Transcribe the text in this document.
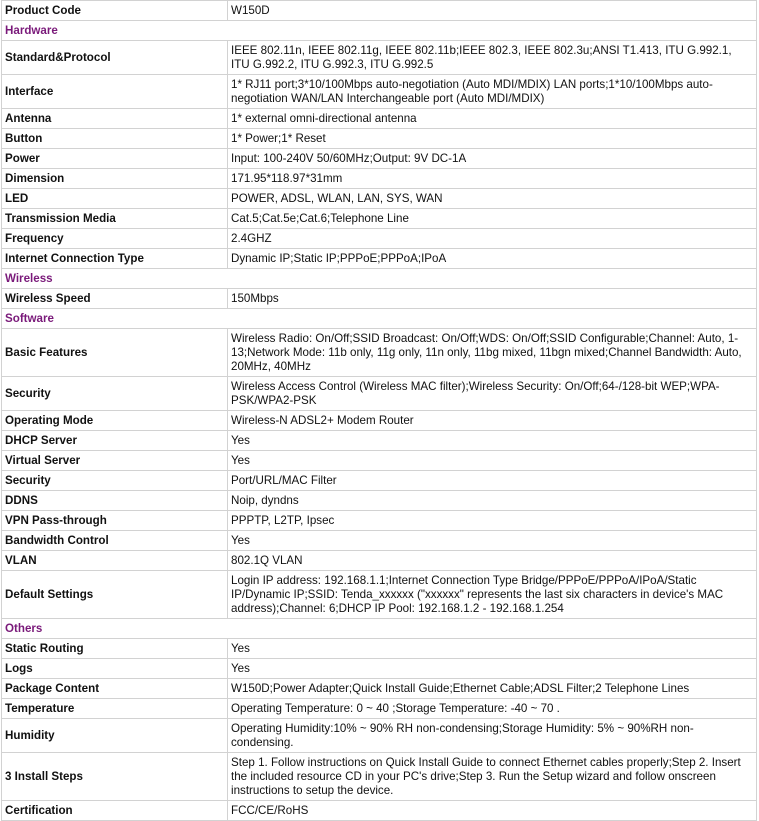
Product Code	W150D
Hardware	
Standard&Protocol	IEEE 802.11n, IEEE 802.11g, IEEE 802.11b;IEEE 802.3, IEEE 802.3u;ANSI T1.413, ITU G.992.1, ITU G.992.2, ITU G.992.3, ITU G.992.5
Interface	1* RJ11 port;3*10/100Mbps auto-negotiation (Auto MDI/MDIX) LAN ports;1*10/100Mbps auto-negotiation WAN/LAN Interchangeable port (Auto MDI/MDIX)
Antenna	1* external omni-directional antenna
Button	1* Power;1* Reset
Power	Input: 100-240V 50/60MHz;Output: 9V DC-1A
Dimension	171.95*118.97*31mm
LED	POWER, ADSL, WLAN, LAN, SYS, WAN
Transmission Media	Cat.5;Cat.5e;Cat.6;Telephone Line
Frequency	2.4GHZ
Internet Connection Type	Dynamic IP;Static IP;PPPoE;PPPoA;IPoA
Wireless	
Wireless Speed	150Mbps
Software	
Basic Features	Wireless Radio: On/Off;SSID Broadcast: On/Off;WDS: On/Off;SSID Configurable;Channel: Auto, 1-13;Network Mode: 11b only, 11g only, 11n only, 11bg mixed, 11bgn mixed;Channel Bandwidth: Auto, 20MHz, 40MHz
Security	Wireless Access Control (Wireless MAC filter);Wireless Security: On/Off;64-/128-bit WEP;WPA-PSK/WPA2-PSK
Operating Mode	Wireless-N ADSL2+ Modem Router
DHCP Server	Yes
Virtual Server	Yes
Security	Port/URL/MAC Filter
DDNS	Noip, dyndns
VPN Pass-through	PPPTP, L2TP, Ipsec
Bandwidth Control	Yes
VLAN	802.1Q VLAN
Default Settings	Login IP address: 192.168.1.1;Internet Connection Type Bridge/PPPoE/PPPoA/IPoA/Static IP/Dynamic IP;SSID: Tenda_xxxxxx ("xxxxxx" represents the last six characters in device's MAC address);Channel: 6;DHCP IP Pool: 192.168.1.2 - 192.168.1.254
Others	
Static Routing	Yes
Logs	Yes
Package Content	W150D;Power Adapter;Quick Install Guide;Ethernet Cable;ADSL Filter;2 Telephone Lines
Temperature	Operating Temperature: 0 ~ 40 ;Storage Temperature: -40 ~ 70 .
Humidity	Operating Humidity:10% ~ 90% RH non-condensing;Storage Humidity: 5% ~ 90%RH non-condensing.
3 Install Steps	Step 1. Follow instructions on Quick Install Guide to connect Ethernet cables properly;Step 2. Insert the included resource CD in your PC's drive;Step 3. Run the Setup wizard and follow onscreen instructions to setup the device.
Certification	FCC/CE/RoHS
